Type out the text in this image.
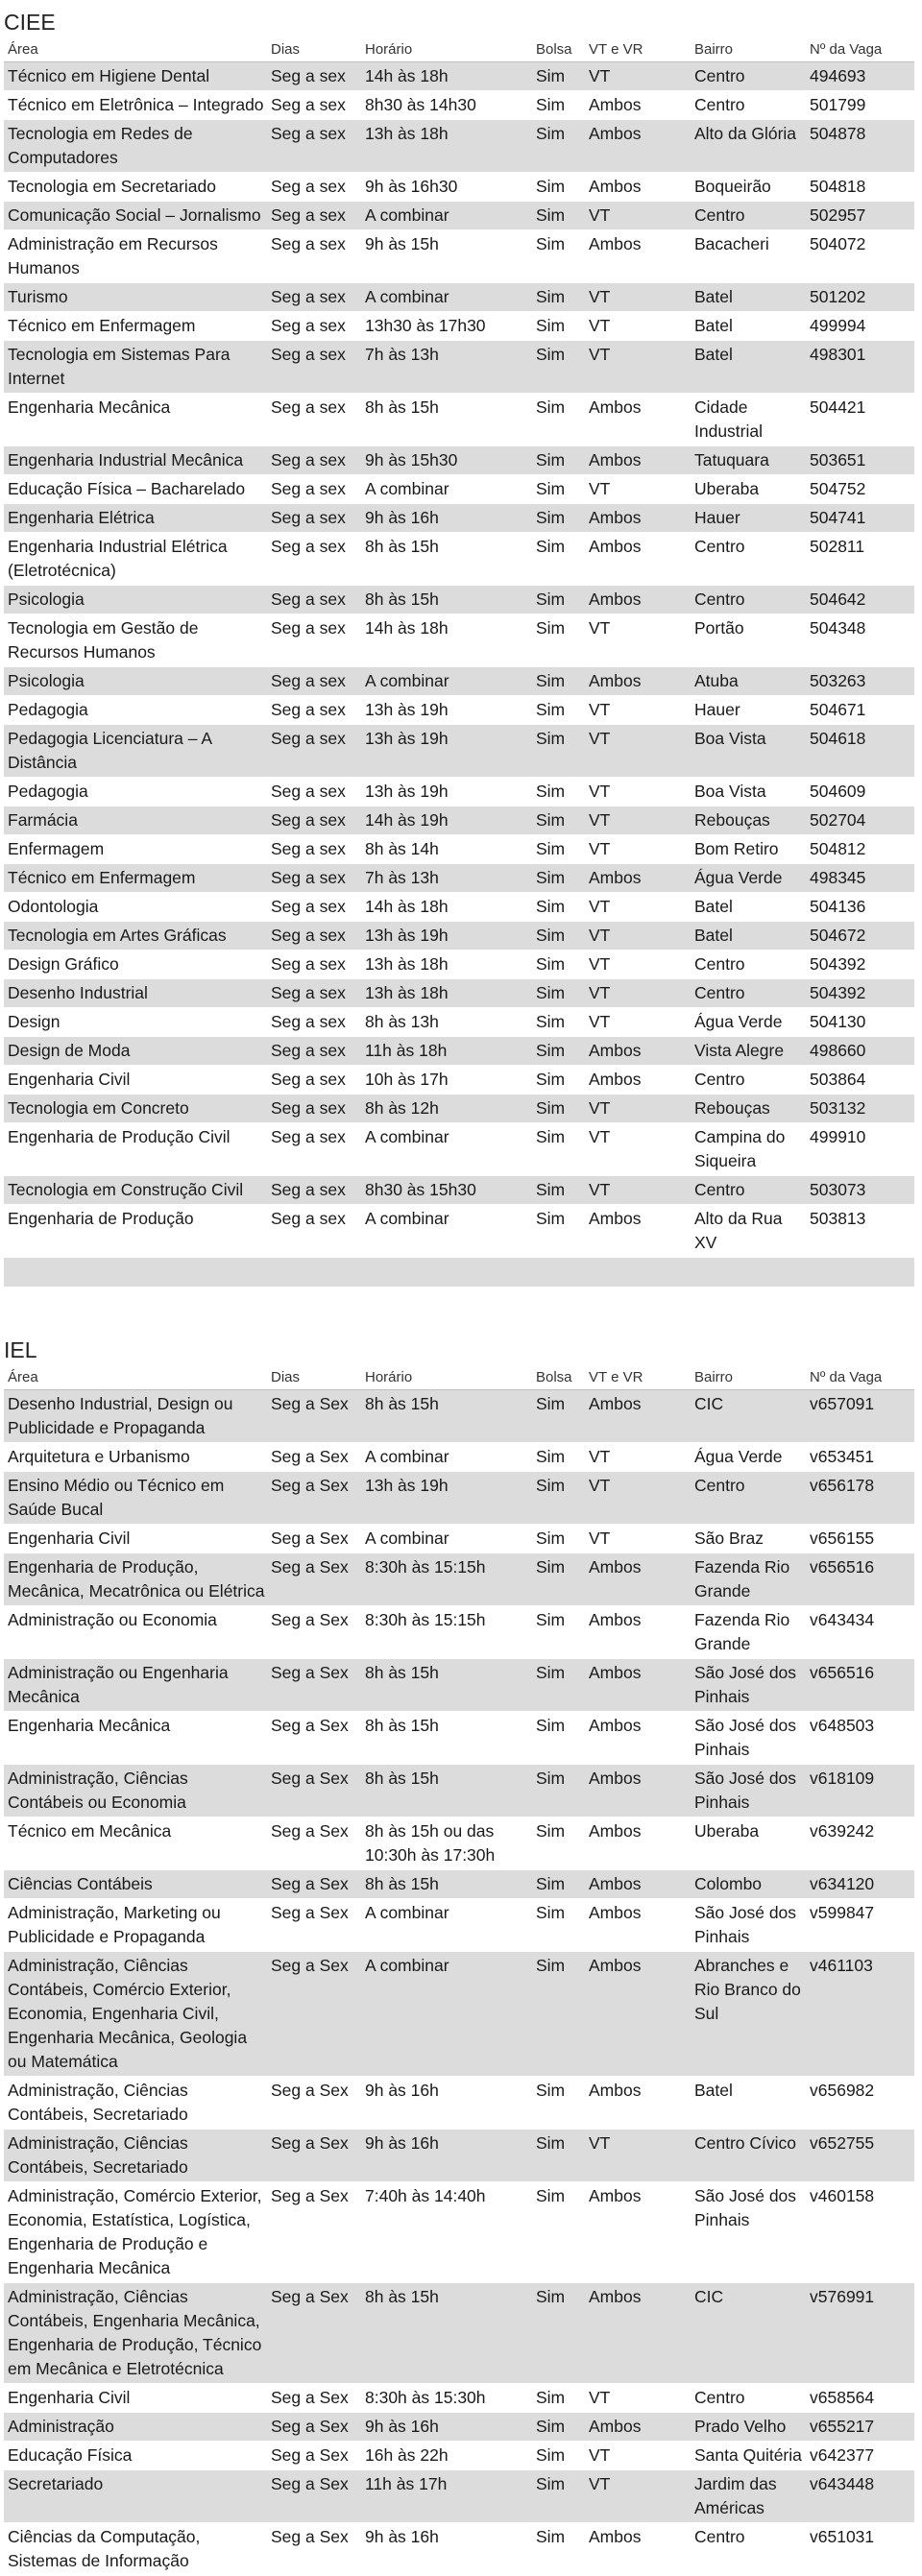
CIEE
Área	Dias	Horário	Bolsa	VT e VR	Bairro	Nº da Vaga
Técnico em Higiene Dental	Seg a sex	14h às 18h	Sim	VT	Centro	494693
Técnico em Eletrônica – Integrado	Seg a sex	8h30 às 14h30	Sim	Ambos	Centro	501799
Tecnologia em Redes de Computadores	Seg a sex	13h às 18h	Sim	Ambos	Alto da Glória	504878
Tecnologia em Secretariado	Seg a sex	9h às 16h30	Sim	Ambos	Boqueirão	504818
Comunicação Social – Jornalismo	Seg a sex	A combinar	Sim	VT	Centro	502957
Administração em Recursos Humanos	Seg a sex	9h às 15h	Sim	Ambos	Bacacheri	504072
Turismo	Seg a sex	A combinar	Sim	VT	Batel	501202
Técnico em Enfermagem	Seg a sex	13h30 às 17h30	Sim	VT	Batel	499994
Tecnologia em Sistemas Para Internet	Seg a sex	7h às 13h	Sim	VT	Batel	498301
Engenharia Mecânica	Seg a sex	8h às 15h	Sim	Ambos	Cidade Industrial	504421
Engenharia Industrial Mecânica	Seg a sex	9h às 15h30	Sim	Ambos	Tatuquara	503651
Educação Física – Bacharelado	Seg a sex	A combinar	Sim	VT	Uberaba	504752
Engenharia Elétrica	Seg a sex	9h às 16h	Sim	Ambos	Hauer	504741
Engenharia Industrial Elétrica (Eletrotécnica)	Seg a sex	8h às 15h	Sim	Ambos	Centro	502811
Psicologia	Seg a sex	8h às 15h	Sim	Ambos	Centro	504642
Tecnologia em Gestão de Recursos Humanos	Seg a sex	14h às 18h	Sim	VT	Portão	504348
Psicologia	Seg a sex	A combinar	Sim	Ambos	Atuba	503263
Pedagogia	Seg a sex	13h às 19h	Sim	VT	Hauer	504671
Pedagogia Licenciatura – A Distância	Seg a sex	13h às 19h	Sim	VT	Boa Vista	504618
Pedagogia	Seg a sex	13h às 19h	Sim	VT	Boa Vista	504609
Farmácia	Seg a sex	14h às 19h	Sim	VT	Rebouças	502704
Enfermagem	Seg a sex	8h às 14h	Sim	VT	Bom Retiro	504812
Técnico em Enfermagem	Seg a sex	7h às 13h	Sim	Ambos	Água Verde	498345
Odontologia	Seg a sex	14h às 18h	Sim	VT	Batel	504136
Tecnologia em Artes Gráficas	Seg a sex	13h às 19h	Sim	VT	Batel	504672
Design Gráfico	Seg a sex	13h às 18h	Sim	VT	Centro	504392
Desenho Industrial	Seg a sex	13h às 18h	Sim	VT	Centro	504392
Design	Seg a sex	8h às 13h	Sim	VT	Água Verde	504130
Design de Moda	Seg a sex	11h às 18h	Sim	Ambos	Vista Alegre	498660
Engenharia Civil	Seg a sex	10h às 17h	Sim	Ambos	Centro	503864
Tecnologia em Concreto	Seg a sex	8h às 12h	Sim	VT	Rebouças	503132
Engenharia de Produção Civil	Seg a sex	A combinar	Sim	VT	Campina do Siqueira	499910
Tecnologia em Construção Civil	Seg a sex	8h30 às 15h30	Sim	VT	Centro	503073
Engenharia de Produção	Seg a sex	A combinar	Sim	Ambos	Alto da Rua XV	503813

IEL
Área	Dias	Horário	Bolsa	VT e VR	Bairro	Nº da Vaga
Desenho Industrial, Design ou Publicidade e Propaganda	Seg a Sex	8h às 15h	Sim	Ambos	CIC	v657091
Arquitetura e Urbanismo	Seg a Sex	A combinar	Sim	VT	Água Verde	v653451
Ensino Médio ou Técnico em Saúde Bucal	Seg a Sex	13h às 19h	Sim	VT	Centro	v656178
Engenharia Civil	Seg a Sex	A combinar	Sim	VT	São Braz	v656155
Engenharia de Produção, Mecânica, Mecatrônica ou Elétrica	Seg a Sex	8:30h às 15:15h	Sim	Ambos	Fazenda Rio Grande	v656516
Administração ou Economia	Seg a Sex	8:30h às 15:15h	Sim	Ambos	Fazenda Rio Grande	v643434
Administração ou Engenharia Mecânica	Seg a Sex	8h às 15h	Sim	Ambos	São José dos Pinhais	v656516
Engenharia Mecânica	Seg a Sex	8h às 15h	Sim	Ambos	São José dos Pinhais	v648503
Administração, Ciências Contábeis ou Economia	Seg a Sex	8h às 15h	Sim	Ambos	São José dos Pinhais	v618109
Técnico em Mecânica	Seg a Sex	8h às 15h ou das 10:30h às 17:30h	Sim	Ambos	Uberaba	v639242
Ciências Contábeis	Seg a Sex	8h às 15h	Sim	Ambos	Colombo	v634120
Administração, Marketing ou Publicidade e Propaganda	Seg a Sex	A combinar	Sim	Ambos	São José dos Pinhais	v599847
Administração, Ciências Contábeis, Comércio Exterior, Economia, Engenharia Civil, Engenharia Mecânica, Geologia ou Matemática	Seg a Sex	A combinar	Sim	Ambos	Abranches e Rio Branco do Sul	v461103
Administração, Ciências Contábeis, Secretariado	Seg a Sex	9h às 16h	Sim	Ambos	Batel	v656982
Administração, Ciências Contábeis, Secretariado	Seg a Sex	9h às 16h	Sim	VT	Centro Cívico	v652755
Administração, Comércio Exterior, Economia, Estatística, Logística, Engenharia de Produção e Engenharia Mecânica	Seg a Sex	7:40h às 14:40h	Sim	Ambos	São José dos Pinhais	v460158
Administração, Ciências Contábeis, Engenharia Mecânica, Engenharia de Produção, Técnico em Mecânica e Eletrotécnica	Seg a Sex	8h às 15h	Sim	Ambos	CIC	v576991
Engenharia Civil	Seg a Sex	8:30h às 15:30h	Sim	VT	Centro	v658564
Administração	Seg a Sex	9h às 16h	Sim	Ambos	Prado Velho	v655217
Educação Física	Seg a Sex	16h às 22h	Sim	VT	Santa Quitéria	v642377
Secretariado	Seg a Sex	11h às 17h	Sim	VT	Jardim das Américas	v643448
Ciências da Computação, Sistemas de Informação	Seg a Sex	9h às 16h	Sim	Ambos	Centro	v651031
